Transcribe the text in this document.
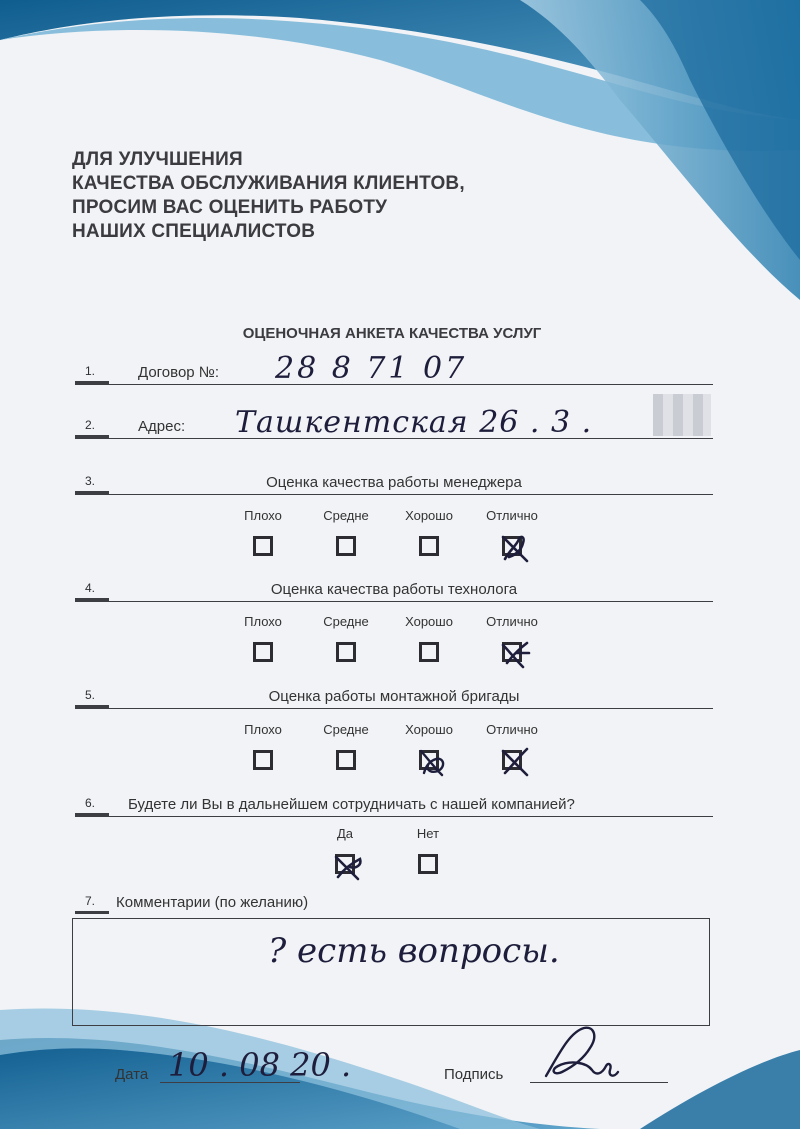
ДЛЯ УЛУЧШЕНИЯ
КАЧЕСТВА ОБСЛУЖИВАНИЯ КЛИЕНТОВ,
ПРОСИМ ВАС ОЦЕНИТЬ РАБОТУ
НАШИХ СПЕЦИАЛИСТОВ
ОЦЕНОЧНАЯ АНКЕТА КАЧЕСТВА УСЛУГ
1.	Договор №: 28 8 71 07
2.	Адрес: Ташкентская 26 . 3 .
3.	Оценка качества работы менеджера
Плохо	Средне	Хорошо	Отлично
4.	Оценка качества работы технолога
Плохо	Средне	Хорошо	Отлично
5.	Оценка работы монтажной бригады
Плохо	Средне	Хорошо	Отлично
6.	Будете ли Вы в дальнейшем сотрудничать с нашей компанией?
Да	Нет
7.	Комментарии (по желанию)
? есть вопросы.
Дата 10 . 08 20 .	Подпись
